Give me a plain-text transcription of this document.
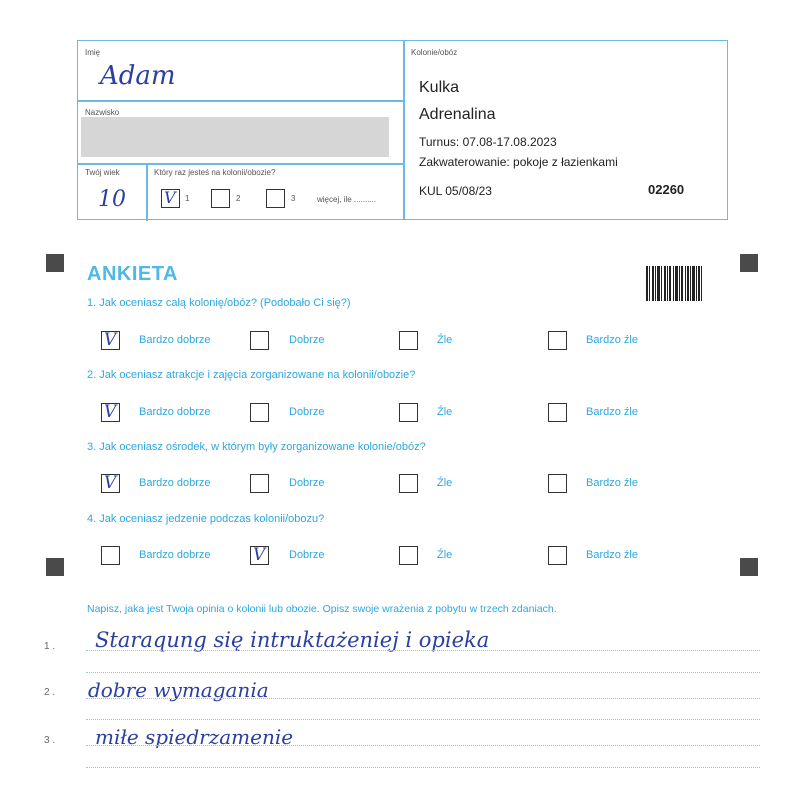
Imię
Adam
Nazwisko
Twój wiek
10
Który raz jesteś na kolonii/obozie?
V 1	2	3	więcej, ile ..........
Kolonie/obóz
Kulka
Adrenalina
Turnus: 07.08-17.08.2023
Zakwaterowanie: pokoje z łazienkami
KUL 05/08/23	02260
ANKIETA
1. Jak oceniasz całą kolonię/obóz? (Podobało Ci się?)
V Bardzo dobrze	Dobrze	Źle	Bardzo źle
2. Jak oceniasz atrakcje i zajęcia zorganizowane na kolonii/obozie?
V Bardzo dobrze	Dobrze	Źle	Bardzo źle
3. Jak oceniasz ośrodek, w którym były zorganizowane kolonie/obóz?
V Bardzo dobrze	Dobrze	Źle	Bardzo źle
4. Jak oceniasz jedzenie podczas kolonii/obozu?
Bardzo dobrze V Dobrze	Źle	Bardzo źle
Napisz, jaka jest Twoja opinia o kolonii lub obozie. Opisz swoje wrażenia z pobytu w trzech zdaniach.
1 . Staraqung się intruktażeniej i opieka
2 . dobre wymagania
3 . miłe spiedrzamenie
